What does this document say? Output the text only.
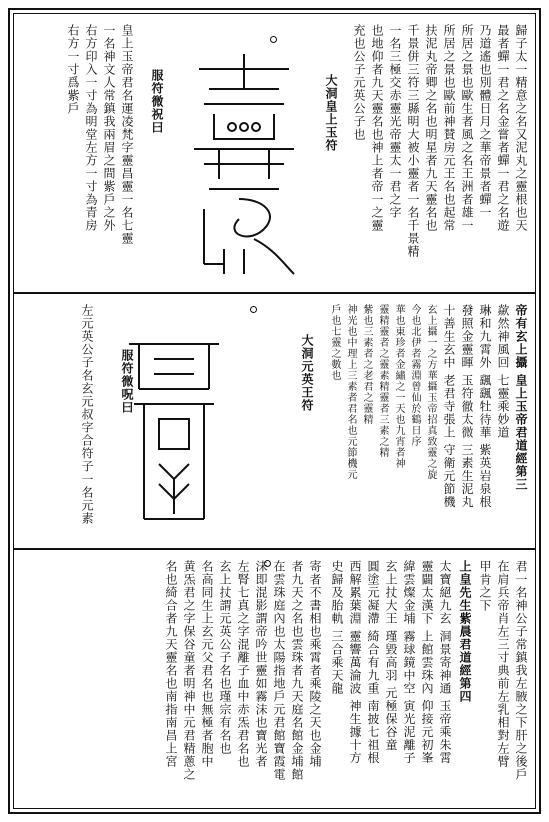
歸子太一精意之名又泥丸之靈根也天
最者蟬一君之名金嘗者蟬一君之名遊
乃道遙也別體日月之華帝景者蟬一
所居之景也歐生者風之名王洲者雄一
所居之景也歐前神賛房元王名也起常
扶泥丸帝卿之名也明星者九天靈名也
千景併三符三縣明大被小靈者一名千景精
一名三極交赤靈光帝靈太一君之字
也地仰者九天靈名也神上者帝一之靈
充也公子元英公子也
大洞皇上玉符
服符微祝曰
皇上玉帝君名運凌梵字靈昌靈一名七靈
一名神文人常鎮我兩眉之間紫戶之外
右方印入一寸為明堂左方一寸為青房
右方一寸爲紫戶
帝有玄上攝 皇上玉帝君道經第三
歘然神風回 七靈乘妙道
琳和九霄外 颻颻牡待華 紫英岩泉根
發照金靈暉 玉符徹太微 三素生泥丸
十善生玄中 老君寺張上 守衛元節機
玄上攝一之方華攝玉帝招真致靈之旋
今也北伊者霧淵曾仙於鶴日序
華也東珍者金繡之一天也九宵者神
靈精靈者之靈素精靈者三素之精
紫也三素者之老君之靈精
神光也中理上三素者君名也元節機元
戶也七靈之數也
大洞元英王符
服符微呪曰
左元英公子名玄元叔字合符子一名元素
君一名神公子常鎮我左腋之下肝之後戶
在肩兵帝肖左三寸典前左乳相對左臂
甲肯之下
上皇先生紫晨君道經第四
太寶絕九玄 洞景寄神通 玉帝乘朱霄
靈闢太漢下 上館雲珠內 仰接元初峯
緯雲燦金埔 霧球鏡中空 寅光泥離子
玄上扙大王 瑾毀高羽 元極保谷童
圓塗元凝滯 綺合有九重 南披七祖根
西解累葉淵 靈響萬淪波 神生據十方
史歸及胎軌 三合乘天龍
寄者不書相也乘霄者乘陵之天也金埔
者九天之名也雲珠者九天庭名館金埔館
在雲珠庭內也太陽指地戶元君館寶霞電
沫即混影謂帝吟世靈如霧沫也寶光者
左腎七真之字混離子血中赤炁君名也
玄上扙謂元英公子名也瑾宗有名也
名高同生上玄元父君名也無極者胞中
黄炁君之字保谷童者明神中元君精蔥之
名也綺合者九天靈名也南指南昌上宮
